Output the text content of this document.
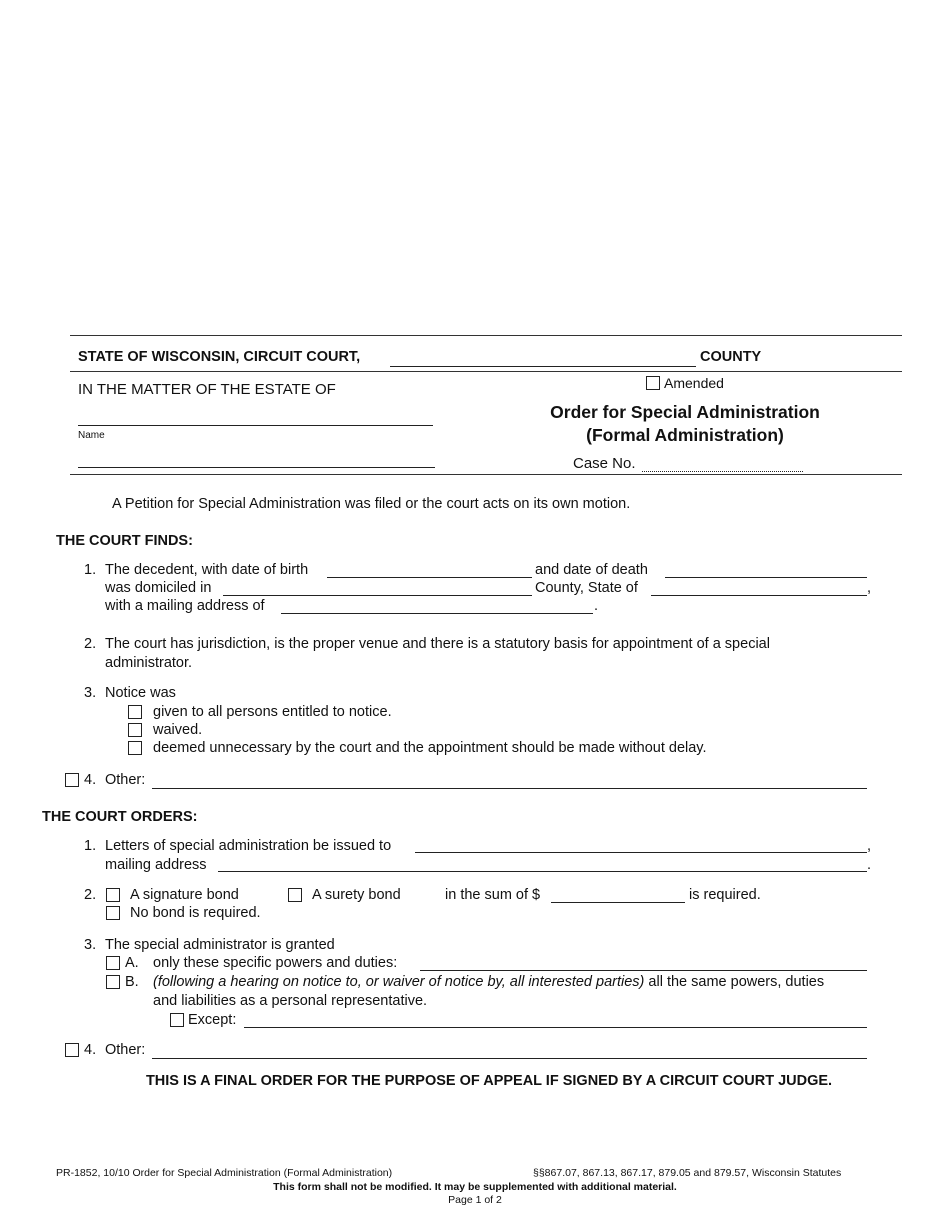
STATE OF WISCONSIN, CIRCUIT COURT,	COUNTY
IN THE MATTER OF THE ESTATE OF	Amended
Order for Special Administration
(Formal Administration)
Name
Case No.
A Petition for Special Administration was filed or the court acts on its own motion.
THE COURT FINDS:
1. The decedent, with date of birth	and date of death
was domiciled in	County, State of	,
with a mailing address of	.
2. The court has jurisdiction, is the proper venue and there is a statutory basis for appointment of a special
administrator.
3. Notice was
given to all persons entitled to notice.
waived.
deemed unnecessary by the court and the appointment should be made without delay.
4. Other:
THE COURT ORDERS:
1. Letters of special administration be issued to	,
mailing address	.
2. A signature bond	A surety bond	in the sum of $	is required.
No bond is required.
3. The special administrator is granted
A. only these specific powers and duties:
B. (following a hearing on notice to, or waiver of notice by, all interested parties) all the same powers, duties
and liabilities as a personal representative.
Except:
4. Other:
THIS IS A FINAL ORDER FOR THE PURPOSE OF APPEAL IF SIGNED BY A CIRCUIT COURT JUDGE.
PR-1852, 10/10 Order for Special Administration (Formal Administration)	§§867.07, 867.13, 867.17, 879.05 and 879.57, Wisconsin Statutes
This form shall not be modified. It may be supplemented with additional material.
Page 1 of 2
